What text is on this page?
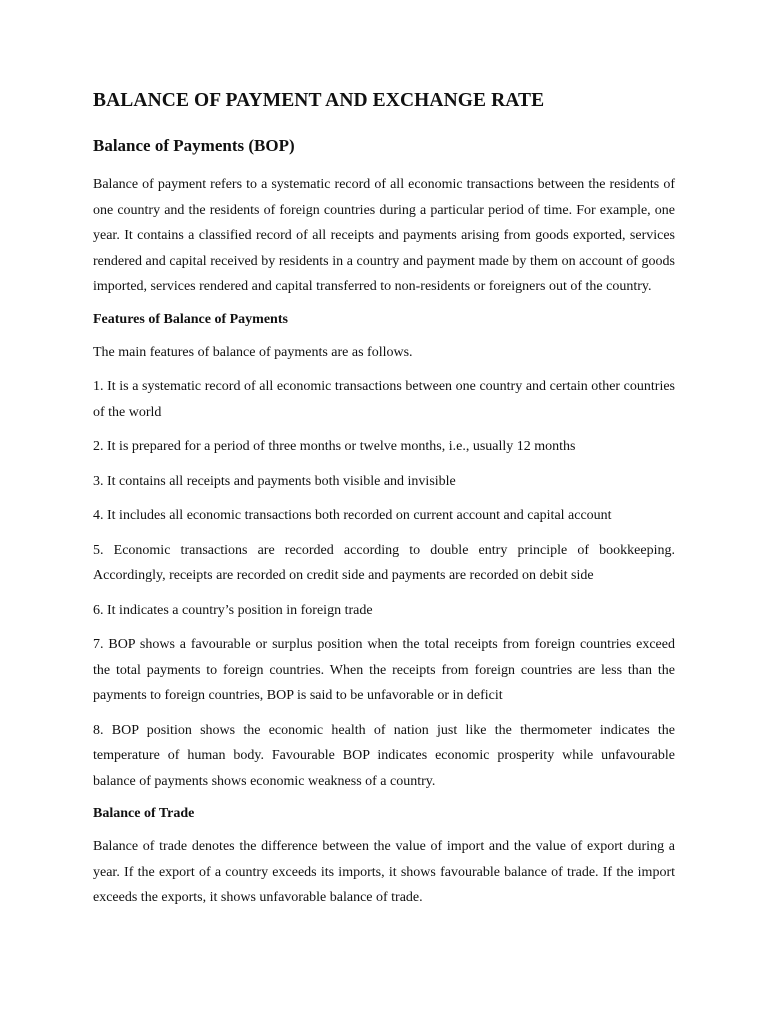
BALANCE OF PAYMENT AND EXCHANGE RATE
Balance of Payments (BOP)

Balance of payment refers to a systematic record of all economic transactions between the residents of one country and the residents of foreign countries during a particular period of time. For example, one year. It contains a classified record of all receipts and payments arising from goods exported, services rendered and capital received by residents in a country and payment made by them on account of goods imported, services rendered and capital transferred to non-residents or foreigners out of the country.

Features of Balance of Payments

The main features of balance of payments are as follows.

1. It is a systematic record of all economic transactions between one country and certain other countries of the world

2. It is prepared for a period of three months or twelve months, i.e., usually 12 months

3. It contains all receipts and payments both visible and invisible

4. It includes all economic transactions both recorded on current account and capital account

5. Economic transactions are recorded according to double entry principle of bookkeeping. Accordingly, receipts are recorded on credit side and payments are recorded on debit side

6. It indicates a country’s position in foreign trade

7. BOP shows a favourable or surplus position when the total receipts from foreign countries exceed the total payments to foreign countries. When the receipts from foreign countries are less than the payments to foreign countries, BOP is said to be unfavorable or in deficit

8. BOP position shows the economic health of nation just like the thermometer indicates the temperature of human body. Favourable BOP indicates economic prosperity while unfavourable balance of payments shows economic weakness of a country.

Balance of Trade

Balance of trade denotes the difference between the value of import and the value of export during a year. If the export of a country exceeds its imports, it shows favourable balance of trade. If the import exceeds the exports, it shows unfavorable balance of trade.
